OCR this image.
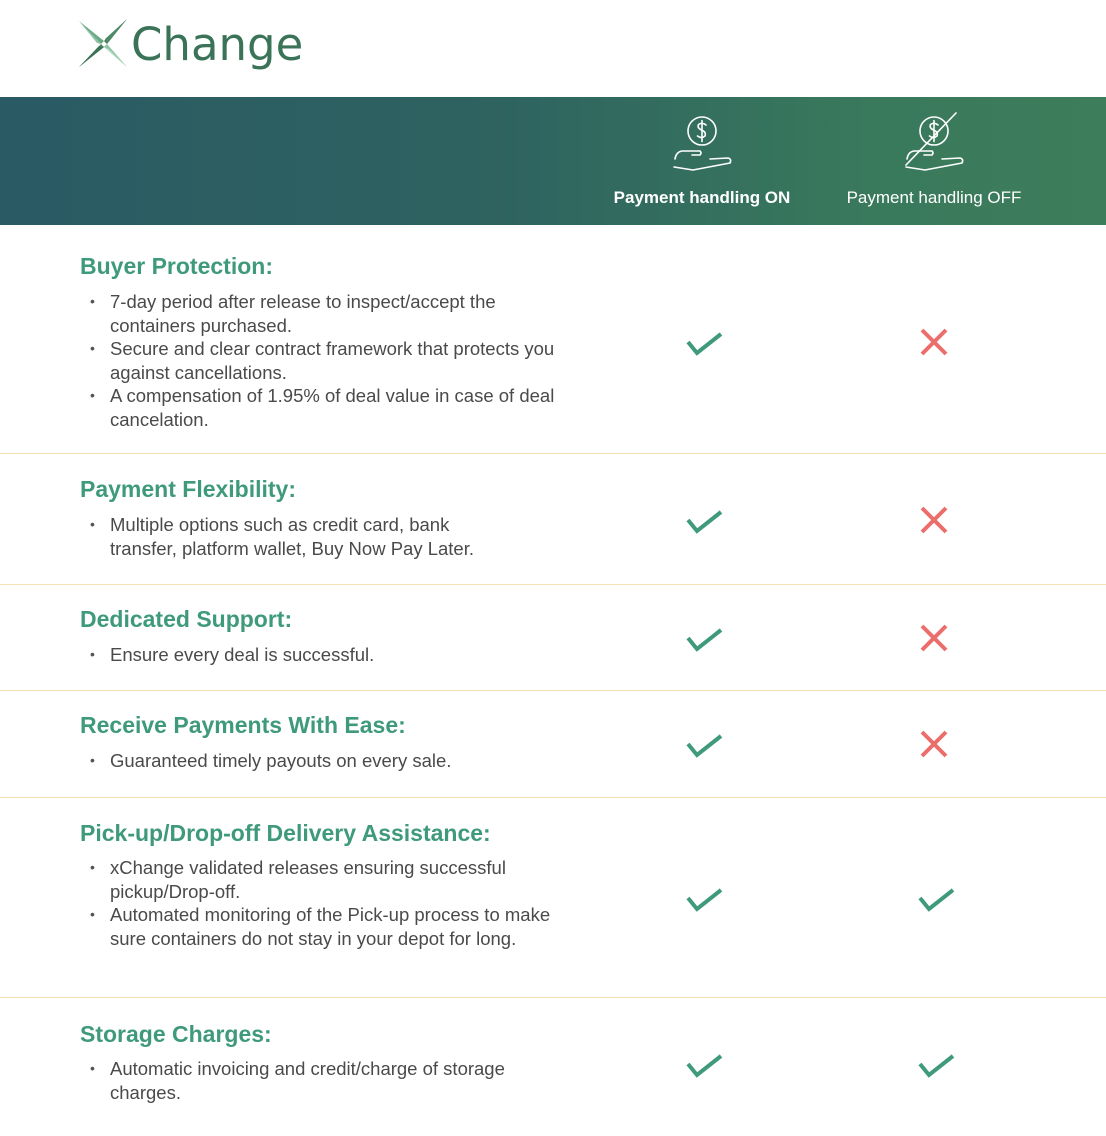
Change
Payment handling ON	Payment handling OFF
Buyer Protection:
• 7-day period after release to inspect/accept the containers purchased.
• Secure and clear contract framework that protects you against cancellations.
• A compensation of 1.95% of deal value in case of deal cancelation.
Payment Flexibility:
• Multiple options such as credit card, bank transfer, platform wallet, Buy Now Pay Later.
Dedicated Support:
• Ensure every deal is successful.
Receive Payments With Ease:
• Guaranteed timely payouts on every sale.
Pick-up/Drop-off Delivery Assistance:
• xChange validated releases ensuring successful pickup/Drop-off.
• Automated monitoring of the Pick-up process to make sure containers do not stay in your depot for long.
Storage Charges:
• Automatic invoicing and credit/charge of storage charges.
